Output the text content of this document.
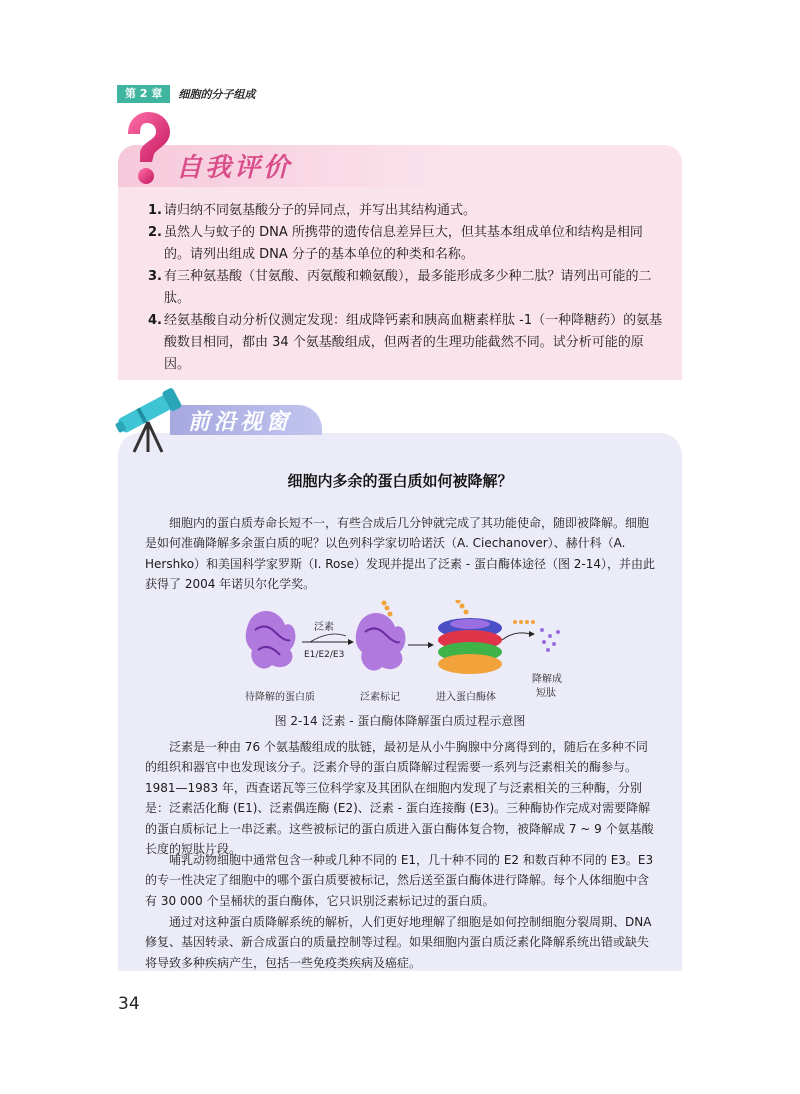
第 2 章	细胞的分子组成
自我评价
1. 请归纳不同氨基酸分子的异同点，并写出其结构通式。
2. 虽然人与蚊子的 DNA 所携带的遗传信息差异巨大，但其基本组成单位和结构是相同的。请列出组成 DNA 分子的基本单位的种类和名称。
3. 有三种氨基酸（甘氨酸、丙氨酸和赖氨酸），最多能形成多少种二肽？请列出可能的二肽。
4. 经氨基酸自动分析仪测定发现：组成降钙素和胰高血糖素样肽 -1（一种降糖药）的氨基酸数目相同，都由 34 个氨基酸组成，但两者的生理功能截然不同。试分析可能的原因。
前沿视窗
细胞内多余的蛋白质如何被降解？

细胞内的蛋白质寿命长短不一，有些合成后几分钟就完成了其功能使命，随即被降解。细胞是如何准确降解多余蛋白质的呢？以色列科学家切哈诺沃（A. Ciechanover）、赫什科（A. Hershko）和美国科学家罗斯（I. Rose）发现并提出了泛素 - 蛋白酶体途径（图 2-14），并由此获得了 2004 年诺贝尔化学奖。

待降解的蛋白质
泛素
E1/E2/E3
泛素标记	进入蛋白酶体
降解成
短肽
图 2-14 泛素 - 蛋白酶体降解蛋白质过程示意图

泛素是一种由 76 个氨基酸组成的肽链，最初是从小牛胸腺中分离得到的，随后在多种不同的组织和器官中也发现该分子。泛素介导的蛋白质降解过程需要一系列与泛素相关的酶参与。1981—1983 年，西查诺瓦等三位科学家及其团队在细胞内发现了与泛素相关的三种酶，分别是：泛素活化酶 (E1)、泛素偶连酶 (E2)、泛素 - 蛋白连接酶 (E3)。三种酶协作完成对需要降解的蛋白质标记上一串泛素。这些被标记的蛋白质进入蛋白酶体复合物，被降解成 7 ~ 9 个氨基酸长度的短肽片段。

哺乳动物细胞中通常包含一种或几种不同的 E1，几十种不同的 E2 和数百种不同的 E3。E3 的专一性决定了细胞中的哪个蛋白质要被标记，然后送至蛋白酶体进行降解。每个人体细胞中含有 30 000 个呈桶状的蛋白酶体，它只识别泛素标记过的蛋白质。

通过对这种蛋白质降解系统的解析，人们更好地理解了细胞是如何控制细胞分裂周期、DNA 修复、基因转录、新合成蛋白的质量控制等过程。如果细胞内蛋白质泛素化降解系统出错或缺失将导致多种疾病产生，包括一些免疫类疾病及癌症。

34
